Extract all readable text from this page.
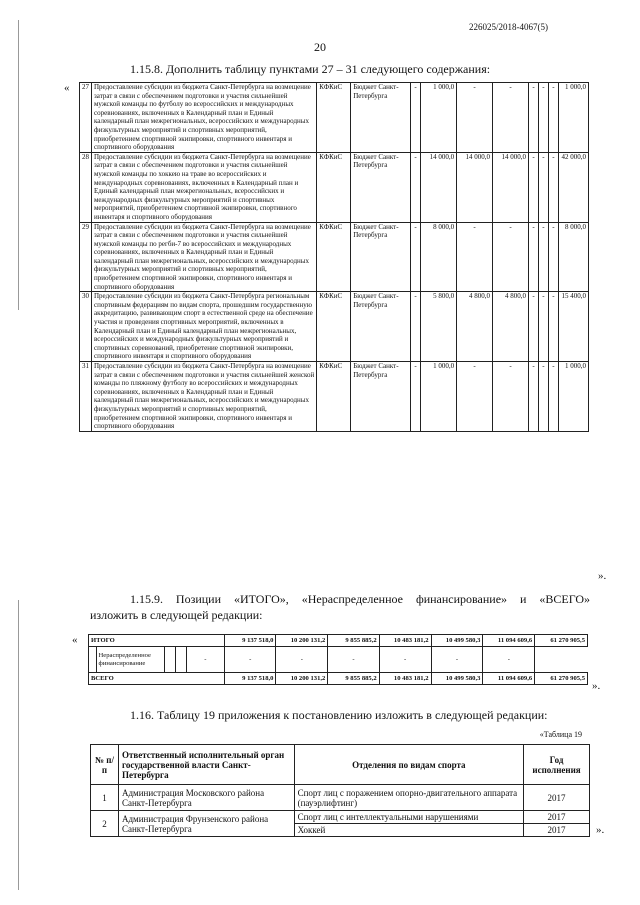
226025/2018-4067(5)
20
1.15.8. Дополнить таблицу пунктами 27 – 31 следующего содержания:
« 27	Предоставление субсидии из бюджета Санкт-Петербурга на возмещение затрат в связи с обеспечением подготовки и участия сильнейшей мужской команды по футболу во всероссийских и международных соревнованиях, включенных в Календарный план и Единый календарный план межрегиональных, всероссийских и международных физкультурных мероприятий и спортивных мероприятий, приобретением спортивной экипировки, спортивного инвентаря и спортивного оборудования	КФКиС	Бюджет Санкт-Петербурга	-	1 000,0	-	-	-	-	-	1 000,0
28	Предоставление субсидии из бюджета Санкт-Петербурга на возмещение затрат в связи с обеспечением подготовки и участия сильнейшей мужской команды по хоккею на траве во всероссийских и международных соревнованиях, включенных в Календарный план и Единый календарный план межрегиональных, всероссийских и международных физкультурных мероприятий и спортивных мероприятий, приобретением спортивной экипировки, спортивного инвентаря и спортивного оборудования	КФКиС	Бюджет Санкт-Петербурга	-	14 000,0	14 000,0	14 000,0	-	-	-	42 000,0
29	Предоставление субсидии из бюджета Санкт-Петербурга на возмещение затрат в связи с обеспечением подготовки и участия сильнейшей мужской команды по регби-7 во всероссийских и международных соревнованиях, включенных в Календарный план и Единый календарный план межрегиональных, всероссийских и международных физкультурных мероприятий и спортивных мероприятий, приобретением спортивной экипировки, спортивного инвентаря и спортивного оборудования	КФКиС	Бюджет Санкт-Петербурга	-	8 000,0	-	-	-	-	-	8 000,0
30	Предоставление субсидии из бюджета Санкт-Петербурга региональным спортивным федерациям по видам спорта, прошедшим государственную аккредитацию, развивающим спорт в естественной среде на обеспечение участия и проведения спортивных мероприятий, включенных в Календарный план и Единый календарный план межрегиональных, всероссийских и международных физкультурных мероприятий и спортивных соревнований, приобретение спортивной экипировки, спортивного инвентаря и спортивного оборудования	КФКиС	Бюджет Санкт-Петербурга	-	5 800,0	4 800,0	4 800,0	-	-	-	15 400,0
31	Предоставление субсидии из бюджета Санкт-Петербурга на возмещение затрат в связи с обеспечением подготовки и участия сильнейшей женской команды по пляжному футболу во всероссийских и международных соревнованиях, включенных в Календарный план и Единый календарный план межрегиональных, всероссийских и международных физкультурных мероприятий и спортивных мероприятий, приобретением спортивной экипировки, спортивного инвентаря и спортивного оборудования	КФКиС	Бюджет Санкт-Петербурга	-	1 000,0	-	-	-	-	-	1 000,0
».
1.15.9. Позиции «ИТОГО», «Нераспределенное финансирование» и «ВСЕГО»
изложить в следующей редакции:
« ИТОГО					9 137 518,0	10 200 131,2	9 855 885,2	10 483 181,2	10 499 580,3	11 094 609,6	61 270 905,5
	Нераспределенное финансирование			-	-	-	-	-	-	-	
ВСЕГО					9 137 518,0	10 200 131,2	9 855 885,2	10 483 181,2	10 499 580,3	11 094 609,6	61 270 905,5
».
1.16. Таблицу 19 приложения к постановлению изложить в следующей редакции:
«Таблица 19
№ п/п	Ответственный исполнительный орган государственной власти Санкт-Петербурга	Отделения по видам спорта	Год исполнения
1	Администрация Московского района Санкт-Петербурга	Спорт лиц с поражением опорно-двигательного аппарата (пауэрлифтинг)	2017
2	Администрация Фрунзенского района Санкт-Петербурга	Спорт лиц с интеллектуальными нарушениями	2017
		Хоккей	2017	».
